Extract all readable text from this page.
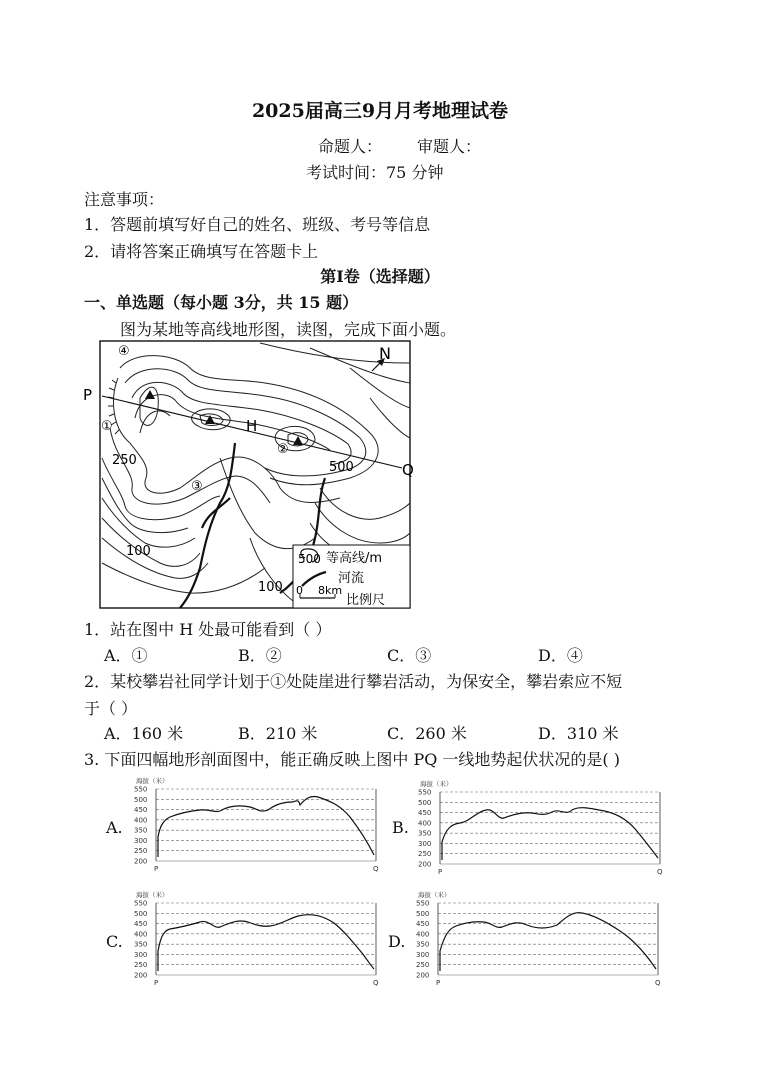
2025届高三9月月考地理试卷
命题人： 审题人：
考试时间：75 分钟
注意事项：
1．答题前填写好自己的姓名、班级、考号等信息
2．请将答案正确填写在答题卡上
第Ⅰ卷（选择题）
一、单选题（每小题 3分，共 15 题）
图为某地等高线地形图，读图，完成下面小题。
N
P
Q
H
④
①
②
③
250	500
100
100
500 等高线/m
河流
0 8km
比例尺
1．站在图中 H 处最可能看到（ ）
A．①	B．②	C．③	D．④
2．某校攀岩社同学计划于①处陡崖进行攀岩活动，为保安全，攀岩索应不短
于（ ）
A．160 米	B．210 米	C．260 米	D．310 米
3. 下面四幅地形剖面图中，能正确反映上图中 PQ 一线地势起伏状况的是( )
A.	B.
C.	D.
海拔（米）
550
500
450
400
350
300
250
200
P	Q
海拔（米）
550
500
450
400
350
300
250
200
P	Q
海拔（米）
550
500
450
400
350
300
250
200
P	Q
海拔（米）
550
500
450
400
350
300
250
200
P	Q
